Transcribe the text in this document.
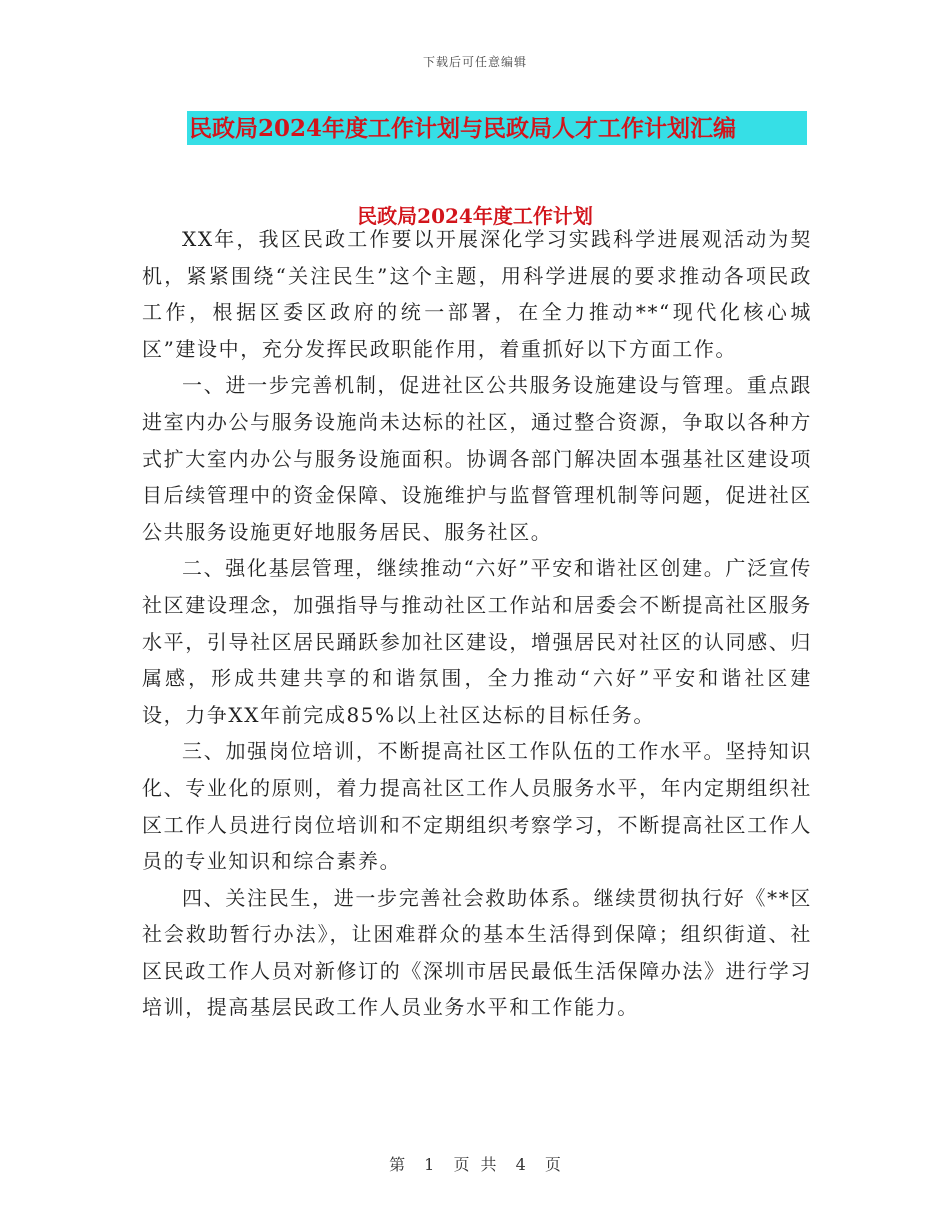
下载后可任意编辑
民政局2024年度工作计划与民政局人才工作计划汇编
民政局2024年度工作计划

XX年，我区民政工作要以开展深化学习实践科学进展观活动为契机，紧紧围绕“关注民生”这个主题，用科学进展的要求推动各项民政工作，根据区委区政府的统一部署，在全力推动**“现代化核心城区”建设中，充分发挥民政职能作用，着重抓好以下方面工作。

一、进一步完善机制，促进社区公共服务设施建设与管理。重点跟进室内办公与服务设施尚未达标的社区，通过整合资源，争取以各种方式扩大室内办公与服务设施面积。协调各部门解决固本强基社区建设项目后续管理中的资金保障、设施维护与监督管理机制等问题，促进社区公共服务设施更好地服务居民、服务社区。

二、强化基层管理，继续推动“六好”平安和谐社区创建。广泛宣传社区建设理念，加强指导与推动社区工作站和居委会不断提高社区服务水平，引导社区居民踊跃参加社区建设，增强居民对社区的认同感、归属感，形成共建共享的和谐氛围，全力推动“六好”平安和谐社区建设，力争XX年前完成85%以上社区达标的目标任务。

三、加强岗位培训，不断提高社区工作队伍的工作水平。坚持知识化、专业化的原则，着力提高社区工作人员服务水平，年内定期组织社区工作人员进行岗位培训和不定期组织考察学习，不断提高社区工作人员的专业知识和综合素养。

四、关注民生，进一步完善社会救助体系。继续贯彻执行好《**区社会救助暂行办法》，让困难群众的基本生活得到保障；组织街道、社区民政工作人员对新修订的《深圳市居民最低生活保障办法》进行学习培训，提高基层民政工作人员业务水平和工作能力。

第 1 页 共 4 页
